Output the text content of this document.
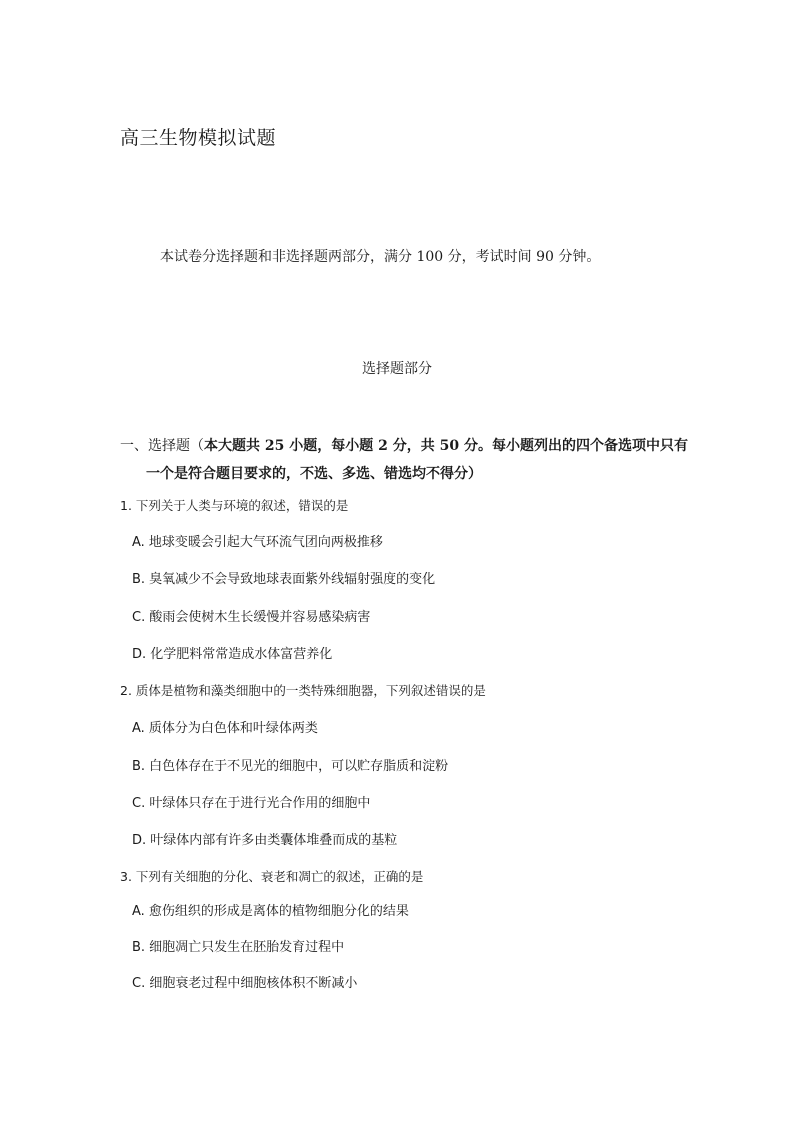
高三生物模拟试题
本试卷分选择题和非选择题两部分，满分 100 分，考试时间 90 分钟。
选择题部分
一、选择题（本大题共 25 小题，每小题 2 分，共 50 分。每小题列出的四个备选项中只有
一个是符合题目要求的，不选、多选、错选均不得分）
1. 下列关于人类与环境的叙述，错误的是
A. 地球变暖会引起大气环流气团向两极推移
B. 臭氧减少不会导致地球表面紫外线辐射强度的变化
C. 酸雨会使树木生长缓慢并容易感染病害
D. 化学肥料常常造成水体富营养化
2. 质体是植物和藻类细胞中的一类特殊细胞器，下列叙述错误的是
A. 质体分为白色体和叶绿体两类
B. 白色体存在于不见光的细胞中，可以贮存脂质和淀粉
C. 叶绿体只存在于进行光合作用的细胞中
D. 叶绿体内部有许多由类囊体堆叠而成的基粒
3. 下列有关细胞的分化、衰老和凋亡的叙述，正确的是
A. 愈伤组织的形成是离体的植物细胞分化的结果
B. 细胞凋亡只发生在胚胎发育过程中
C. 细胞衰老过程中细胞核体积不断减小
